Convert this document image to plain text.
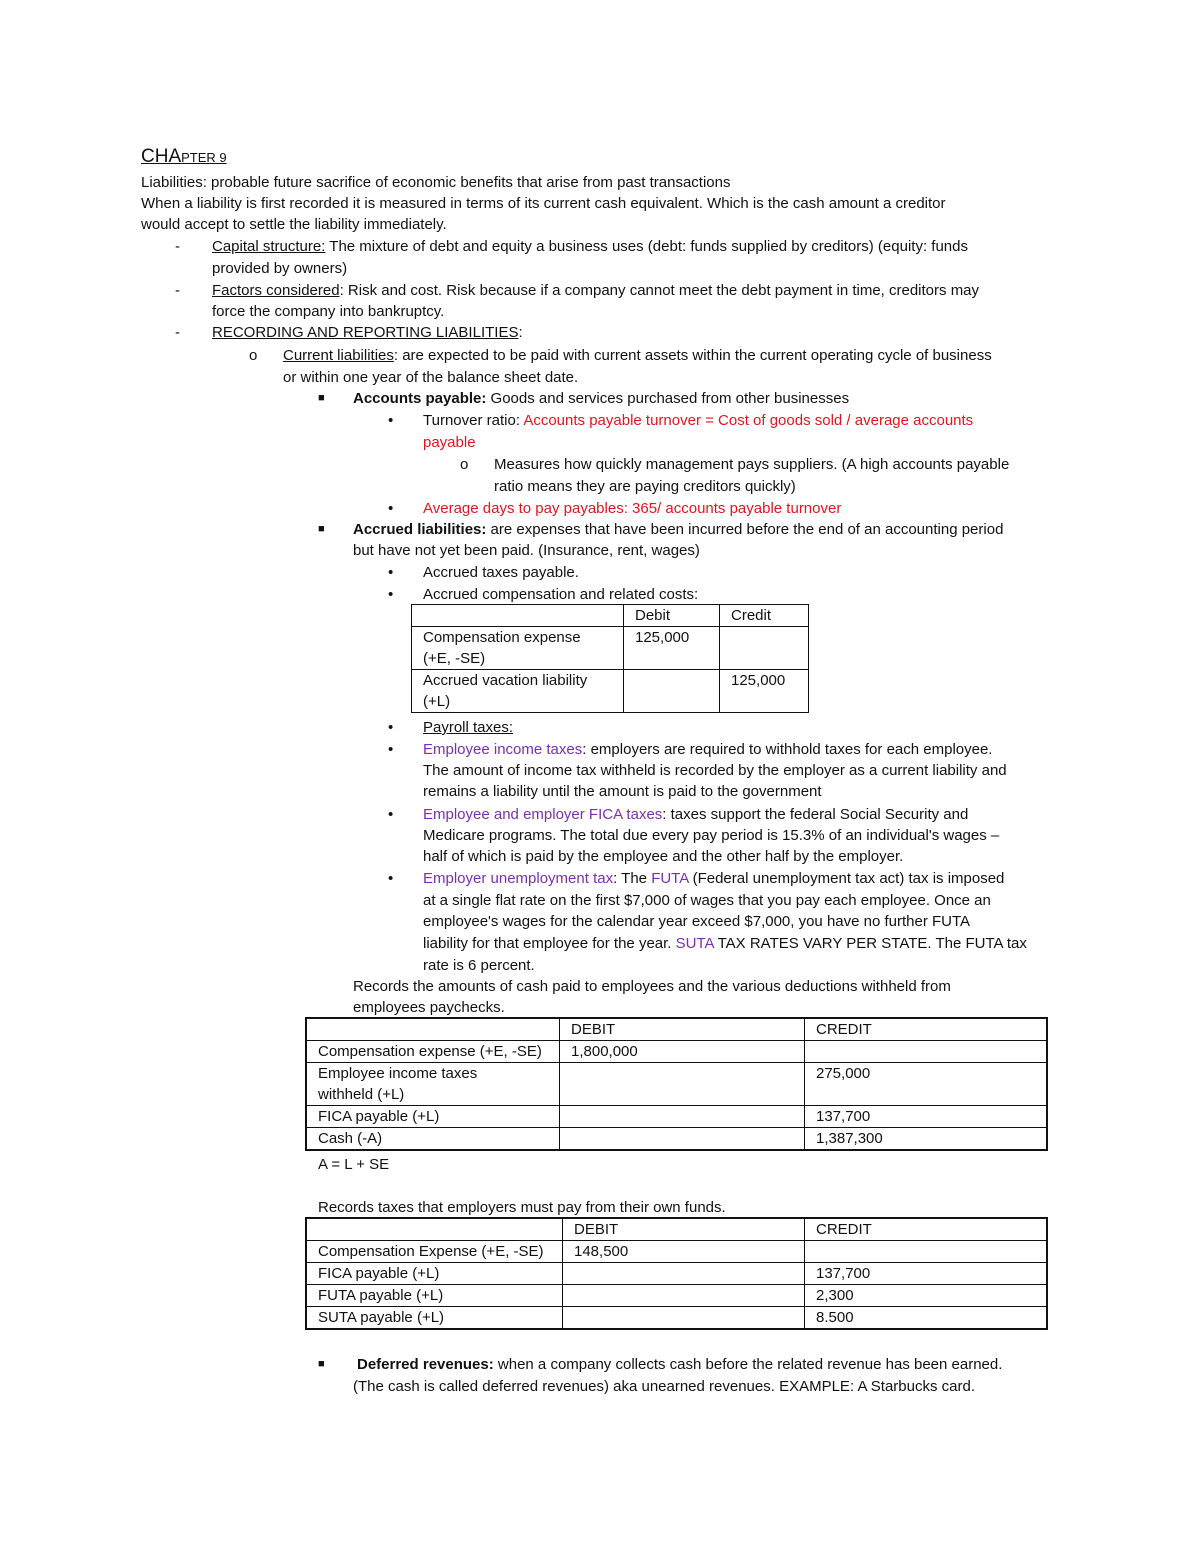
CHAPTER 9
Liabilities: probable future sacrifice of economic benefits that arise from past transactions
When a liability is first recorded it is measured in terms of its current cash equivalent. Which is the cash amount a creditor
would accept to settle the liability immediately.
- Capital structure: The mixture of debt and equity a business uses (debt: funds supplied by creditors) (equity: funds
provided by owners)
- Factors considered: Risk and cost. Risk because if a company cannot meet the debt payment in time, creditors may
force the company into bankruptcy.
- RECORDING AND REPORTING LIABILITIES:
o Current liabilities: are expected to be paid with current assets within the current operating cycle of business
or within one year of the balance sheet date.
■ Accounts payable: Goods and services purchased from other businesses
• Turnover ratio: Accounts payable turnover = Cost of goods sold / average accounts
payable
o Measures how quickly management pays suppliers. (A high accounts payable
ratio means they are paying creditors quickly)
• Average days to pay payables: 365/ accounts payable turnover
■ Accrued liabilities: are expenses that have been incurred before the end of an accounting period
but have not yet been paid. (Insurance, rent, wages)
• Accrued taxes payable.
• Accrued compensation and related costs:
	Debit	Credit

Compensation expense
(+E, -SE)	125,000	

Accrued vacation liability
(+L)		125,000
• Payroll taxes:
• Employee income taxes: employers are required to withhold taxes for each employee.
The amount of income tax withheld is recorded by the employer as a current liability and
remains a liability until the amount is paid to the government
• Employee and employer FICA taxes: taxes support the federal Social Security and
Medicare programs. The total due every pay period is 15.3% of an individual's wages –
half of which is paid by the employee and the other half by the employer.
• Employer unemployment tax: The FUTA (Federal unemployment tax act) tax is imposed
at a single flat rate on the first $7,000 of wages that you pay each employee. Once an
employee's wages for the calendar year exceed $7,000, you have no further FUTA
liability for that employee for the year. SUTA TAX RATES VARY PER STATE. The FUTA tax
rate is 6 percent.
Records the amounts of cash paid to employees and the various deductions withheld from
employees paychecks.
	DEBIT	CREDIT
Compensation expense (+E, -SE)	1,800,000	

Employee income taxes
withheld (+L)		275,000
FICA payable (+L)		137,700
Cash (-A)		1,387,300
A = L + SE
Records taxes that employers must pay from their own funds.
	DEBIT	CREDIT
Compensation Expense (+E, -SE)	148,500	
FICA payable (+L)		137,700
FUTA payable (+L)		2,300
SUTA payable (+L)		8.500
■ Deferred revenues: when a company collects cash before the related revenue has been earned.
(The cash is called deferred revenues) aka unearned revenues. EXAMPLE: A Starbucks card.
